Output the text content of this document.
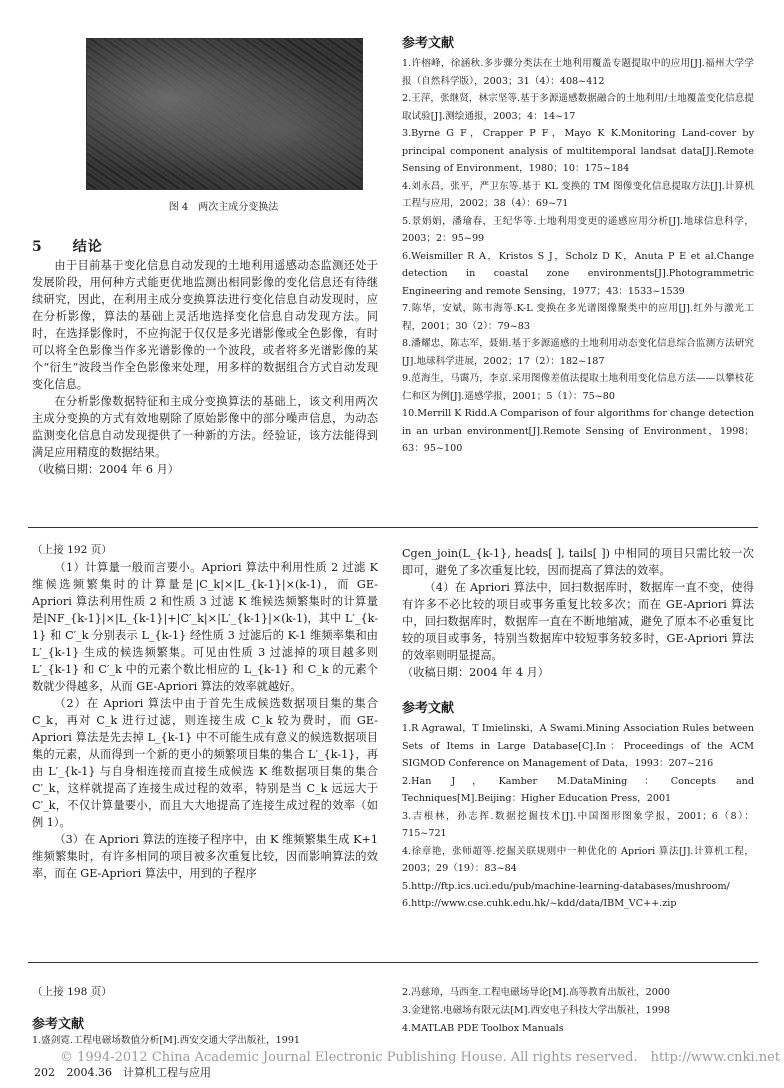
图 4　两次主成分变换法
5　　结论

由于目前基于变化信息自动发现的土地利用遥感动态监测还处于发展阶段，用何种方式能更优地监测出相同影像的变化信息还有待继续研究，因此，在利用主成分变换算法进行变化信息自动发现时，应在分析影像，算法的基础上灵活地选择变化信息自动发现方法。同时，在选择影像时，不应拘泥于仅仅是多光谱影像或全色影像，有时可以将全色影像当作多光谱影像的一个波段，或者将多光谱影像的某个“衍生”波段当作全色影像来处理，用多样的数据组合方式自动发现变化信息。

在分析影像数据特征和主成分变换算法的基础上，该文利用两次主成分变换的方式有效地剔除了原始影像中的部分噪声信息，为动态监测变化信息自动发现提供了一种新的方法。经验证，该方法能得到满足应用精度的数据结果。

（收稿日期：2004 年 6 月）

参考文献
1.许榕峰，徐涵秋.多步骤分类法在土地利用覆盖专题提取中的应用[J].福州大学学报（自然科学版），2003；31（4）：408~412
2.王萍，张继贤，林宗坚等.基于多源遥感数据融合的土地利用/土地覆盖变化信息提取试验[J].测绘通报，2003；4：14~17
3.Byrne G F，Crapper P F，Mayo K K.Monitoring Land-cover by principal component analysis of multitemporal landsat data[J].Remote Sensing of Environment，1980；10：175~184
4.刘永昌，张平，严卫东等.基于 KL 变换的 TM 图像变化信息提取方法[J].计算机工程与应用，2002；38（4）：69~71
5.景娟娟，潘瑜春，王纪华等.土地利用变更的遥感应用分析[J].地球信息科学，2003；2：95~99
6.Weismiller R A，Kristos S J，Scholz D K，Anuta P E et al.Change detection in coastal zone environments[J].Photogrammetric Engineering and remote Sensing，1977；43：1533~1539
7.陈华，安斌，陈韦海等.K-L 变换在多光谱图像聚类中的应用[J].红外与激光工程，2001；30（2）：79~83
8.潘耀忠，陈志军，聂娟.基于多源遥感的土地利用动态变化信息综合监测方法研究[J].地球科学进展，2002；17（2）：182~187
9.范海生，马霭乃，李京.采用图像差值法提取土地利用变化信息方法——以攀枝花仁和区为例[J].遥感学报，2001；5（1）：75~80
10.Merrill K Ridd.A Comparison of four algorithms for change detection in an urban environment[J].Remote Sensing of Environment，1998；63：95~100
（上接 192 页）

（1）计算量一般而言要小。Apriori 算法中利用性质 2 过滤 K 维候选频繁集时的计算量是|C_k|×|L_{k-1}|×(k-1)，而 GE-Apriori 算法利用性质 2 和性质 3 过滤 K 维候选频繁集时的计算量是|NF_{k-1}|×|L_{k-1}|+|C′_k|×|L′_{k-1}|×(k-1)，其中 L′_{k-1} 和 C′_k 分别表示 L_{k-1} 经性质 3 过滤后的 K-1 维频率集和由 L′_{k-1} 生成的候选频繁集。可见由性质 3 过滤掉的项目越多则 L′_{k-1} 和 C′_k 中的元素个数比相应的 L_{k-1} 和 C_k 的元素个数就少得越多，从而 GE-Apriori 算法的效率就越好。

（2）在 Apriori 算法中由于首先生成候选数据项目集的集合 C_k，再对 C_k 进行过滤，则连接生成 C_k 较为费时，而 GE-Apriori 算法是先去掉 L_{k-1} 中不可能生成有意义的候选数据项目集的元素，从而得到一个新的更小的频繁项目集的集合 L′_{k-1}，再由 L′_{k-1} 与自身相连接而直接生成候选 K 维数据项目集的集合 C′_k，这样就提高了连接生成过程的效率，特别是当 C_k 远远大于 C′_k，不仅计算量要小，而且大大地提高了连接生成过程的效率（如例 1）。

（3）在 Apriori 算法的连接子程序中，由 K 维频繁集生成 K+1 维频繁集时，有许多相同的项目被多次重复比较，因而影响算法的效率，而在 GE-Apriori 算法中，用到的子程序

Cgen_join(L_{k-1}, heads[ ], tails[ ]) 中相同的项目只需比较一次即可，避免了多次重复比较，因而提高了算法的效率。

（4）在 Apriori 算法中，回扫数据库时，数据库一直不变，使得有许多不必比较的项目或事务重复比较多次；而在 GE-Apriori 算法中，回扫数据库时，数据库一直在不断地缩减，避免了原本不必重复比较的项目或事务，特别当数据库中较短事务较多时，GE-Apriori 算法的效率则明显提高。

（收稿日期：2004 年 4 月）

参考文献
1.R Agrawal，T Imielinski，A Swami.Mining Association Rules between Sets of Items in Large Database[C].In：Proceedings of the ACM SIGMOD Conference on Management of Data，1993：207~216
2.Han J，Kamber M.DataMining：Concepts and Techniques[M].Beijing：Higher Education Press，2001
3.吉根林，孙志挥.数据挖掘技术[J].中国图形图象学报，2001；6（8）：715~721
4.徐章艳，张师超等.挖掘关联规则中一种优化的 Apriori 算法[J].计算机工程，2003；29（19）：83~84
5.http://ftp.ics.uci.edu/pub/machine-learning-databases/mushroom/
6.http://www.cse.cuhk.edu.hk/~kdd/data/IBM_VC++.zip
（上接 198 页）
参考文献
1.盛剑霓.工程电磁场数值分析[M].西安交通大学出版社，1991
2.冯慈璋，马西奎.工程电磁场导论[M].高等教育出版社，2000
3.金建铭.电磁场有限元法[M].西安电子科技大学出版社，1998
4.MATLAB PDE Toolbox Manuals
© 1994-2012 China Academic Journal Electronic Publishing House. All rights reserved.　http://www.cnki.net
202 2004.36　计算机工程与应用
